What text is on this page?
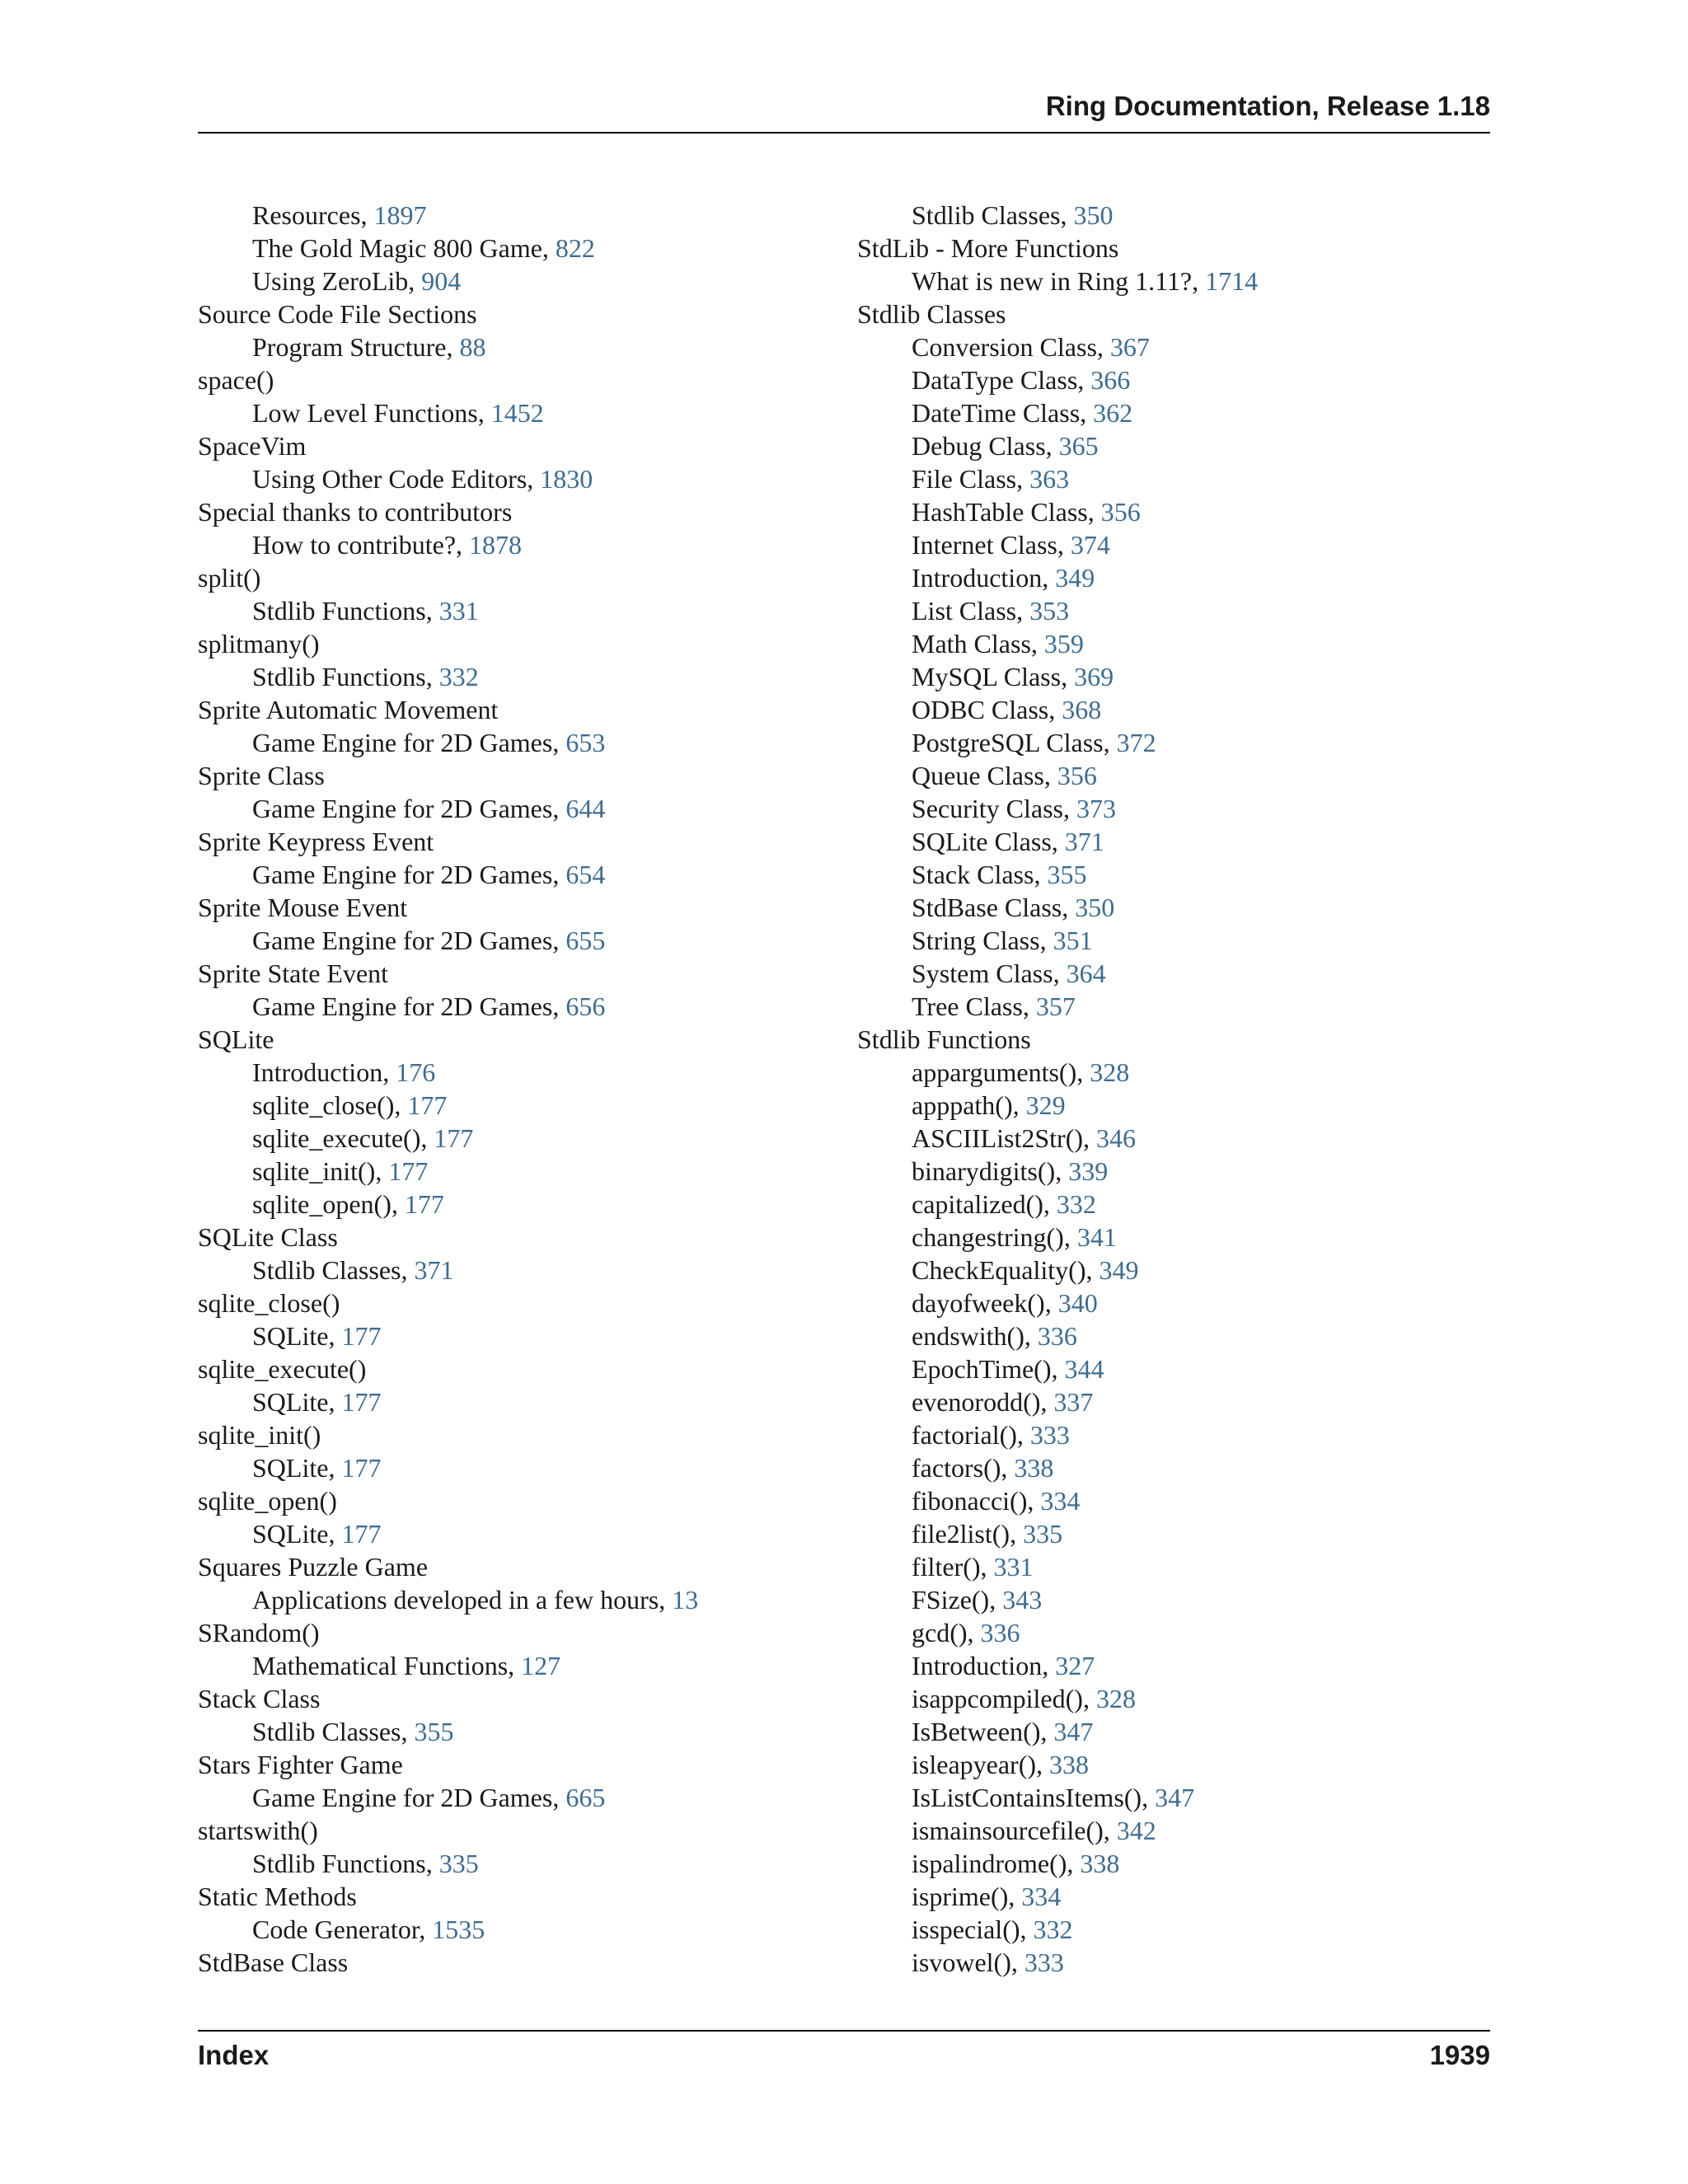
Ring Documentation, Release 1.18
Resources, 1897
The Gold Magic 800 Game, 822
Using ZeroLib, 904
Source Code File Sections
Program Structure, 88
space()
Low Level Functions, 1452
SpaceVim
Using Other Code Editors, 1830
Special thanks to contributors
How to contribute?, 1878
split()
Stdlib Functions, 331
splitmany()
Stdlib Functions, 332
Sprite Automatic Movement
Game Engine for 2D Games, 653
Sprite Class
Game Engine for 2D Games, 644
Sprite Keypress Event
Game Engine for 2D Games, 654
Sprite Mouse Event
Game Engine for 2D Games, 655
Sprite State Event
Game Engine for 2D Games, 656
SQLite
Introduction, 176
sqlite_close(), 177
sqlite_execute(), 177
sqlite_init(), 177
sqlite_open(), 177
SQLite Class
Stdlib Classes, 371
sqlite_close()
SQLite, 177
sqlite_execute()
SQLite, 177
sqlite_init()
SQLite, 177
sqlite_open()
SQLite, 177
Squares Puzzle Game
Applications developed in a few hours, 13
SRandom()
Mathematical Functions, 127
Stack Class
Stdlib Classes, 355
Stars Fighter Game
Game Engine for 2D Games, 665
startswith()
Stdlib Functions, 335
Static Methods
Code Generator, 1535
StdBase Class
Stdlib Classes, 350
StdLib - More Functions
What is new in Ring 1.11?, 1714
Stdlib Classes
Conversion Class, 367
DataType Class, 366
DateTime Class, 362
Debug Class, 365
File Class, 363
HashTable Class, 356
Internet Class, 374
Introduction, 349
List Class, 353
Math Class, 359
MySQL Class, 369
ODBC Class, 368
PostgreSQL Class, 372
Queue Class, 356
Security Class, 373
SQLite Class, 371
Stack Class, 355
StdBase Class, 350
String Class, 351
System Class, 364
Tree Class, 357
Stdlib Functions
apparguments(), 328
apppath(), 329
ASCIIList2Str(), 346
binarydigits(), 339
capitalized(), 332
changestring(), 341
CheckEquality(), 349
dayofweek(), 340
endswith(), 336
EpochTime(), 344
evenorodd(), 337
factorial(), 333
factors(), 338
fibonacci(), 334
file2list(), 335
filter(), 331
FSize(), 343
gcd(), 336
Introduction, 327
isappcompiled(), 328
IsBetween(), 347
isleapyear(), 338
IsListContainsItems(), 347
ismainsourcefile(), 342
ispalindrome(), 338
isprime(), 334
isspecial(), 332
isvowel(), 333
Index	1939
